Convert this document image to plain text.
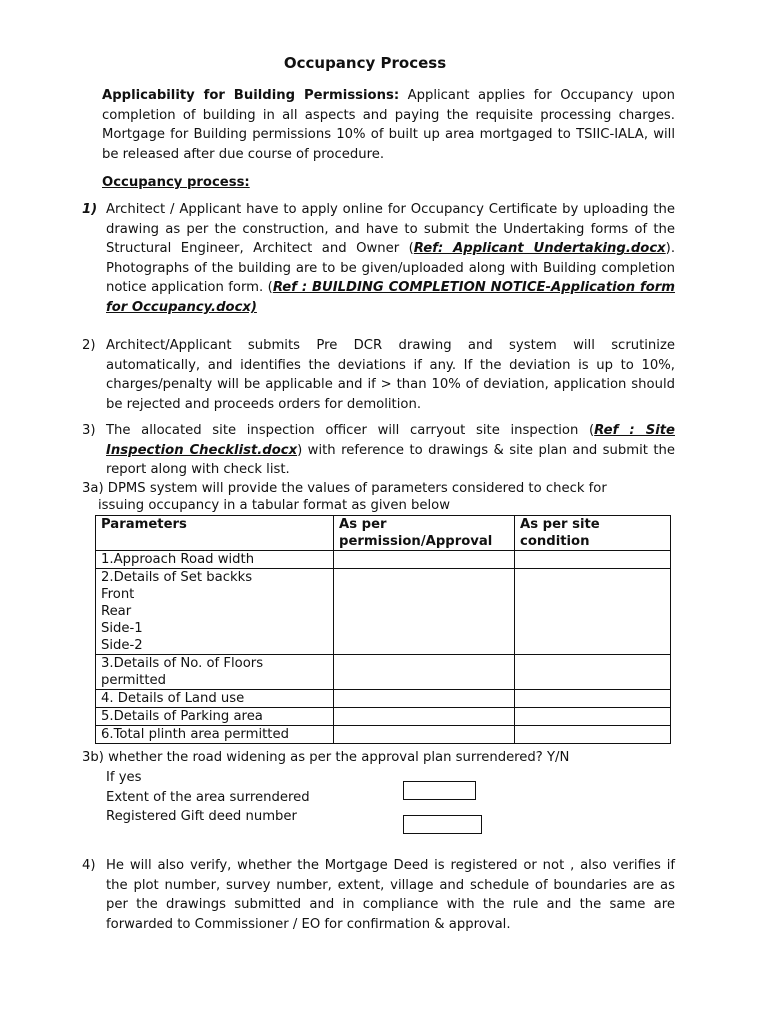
Occupancy Process
Applicability for Building Permissions: Applicant applies for Occupancy upon completion of building in all aspects and paying the requisite processing charges. Mortgage for Building permissions 10% of built up area mortgaged to TSIIC-IALA, will be released after due course of procedure.
Occupancy process:
1) Architect / Applicant have to apply online for Occupancy Certificate by uploading the drawing as per the construction, and have to submit the Undertaking forms of the Structural Engineer, Architect and Owner (Ref: Applicant Undertaking.docx). Photographs of the building are to be given/uploaded along with Building completion notice application form. (Ref : BUILDING COMPLETION NOTICE-Application form for Occupancy.docx)
2) Architect/Applicant submits Pre DCR drawing and system will scrutinize automatically, and identifies the deviations if any. If the deviation is up to 10%, charges/penalty will be applicable and if > than 10% of deviation, application should be rejected and proceeds orders for demolition.
3) The allocated site inspection officer will carryout site inspection (Ref : Site Inspection Checklist.docx) with reference to drawings & site plan and submit the report along with check list.
3a) DPMS system will provide the values of parameters considered to check for
issuing occupancy in a tabular format as given below
Parameters	As per permission/Approval	As per site condition
1.Approach Road width		

2.Details of Set backks
Front
Rear
Side-1
Side-2		

3.Details of No. of Floors permitted		
4. Details of Land use		
5.Details of Parking area		
6.Total plinth area permitted		
3b) whether the road widening as per the approval plan surrendered? Y/N
If yes
Extent of the area surrendered
Registered Gift deed number
4) He will also verify, whether the Mortgage Deed is registered or not , also verifies if the plot number, survey number, extent, village and schedule of boundaries are as per the drawings submitted and in compliance with the rule and the same are forwarded to Commissioner / EO for confirmation & approval.
